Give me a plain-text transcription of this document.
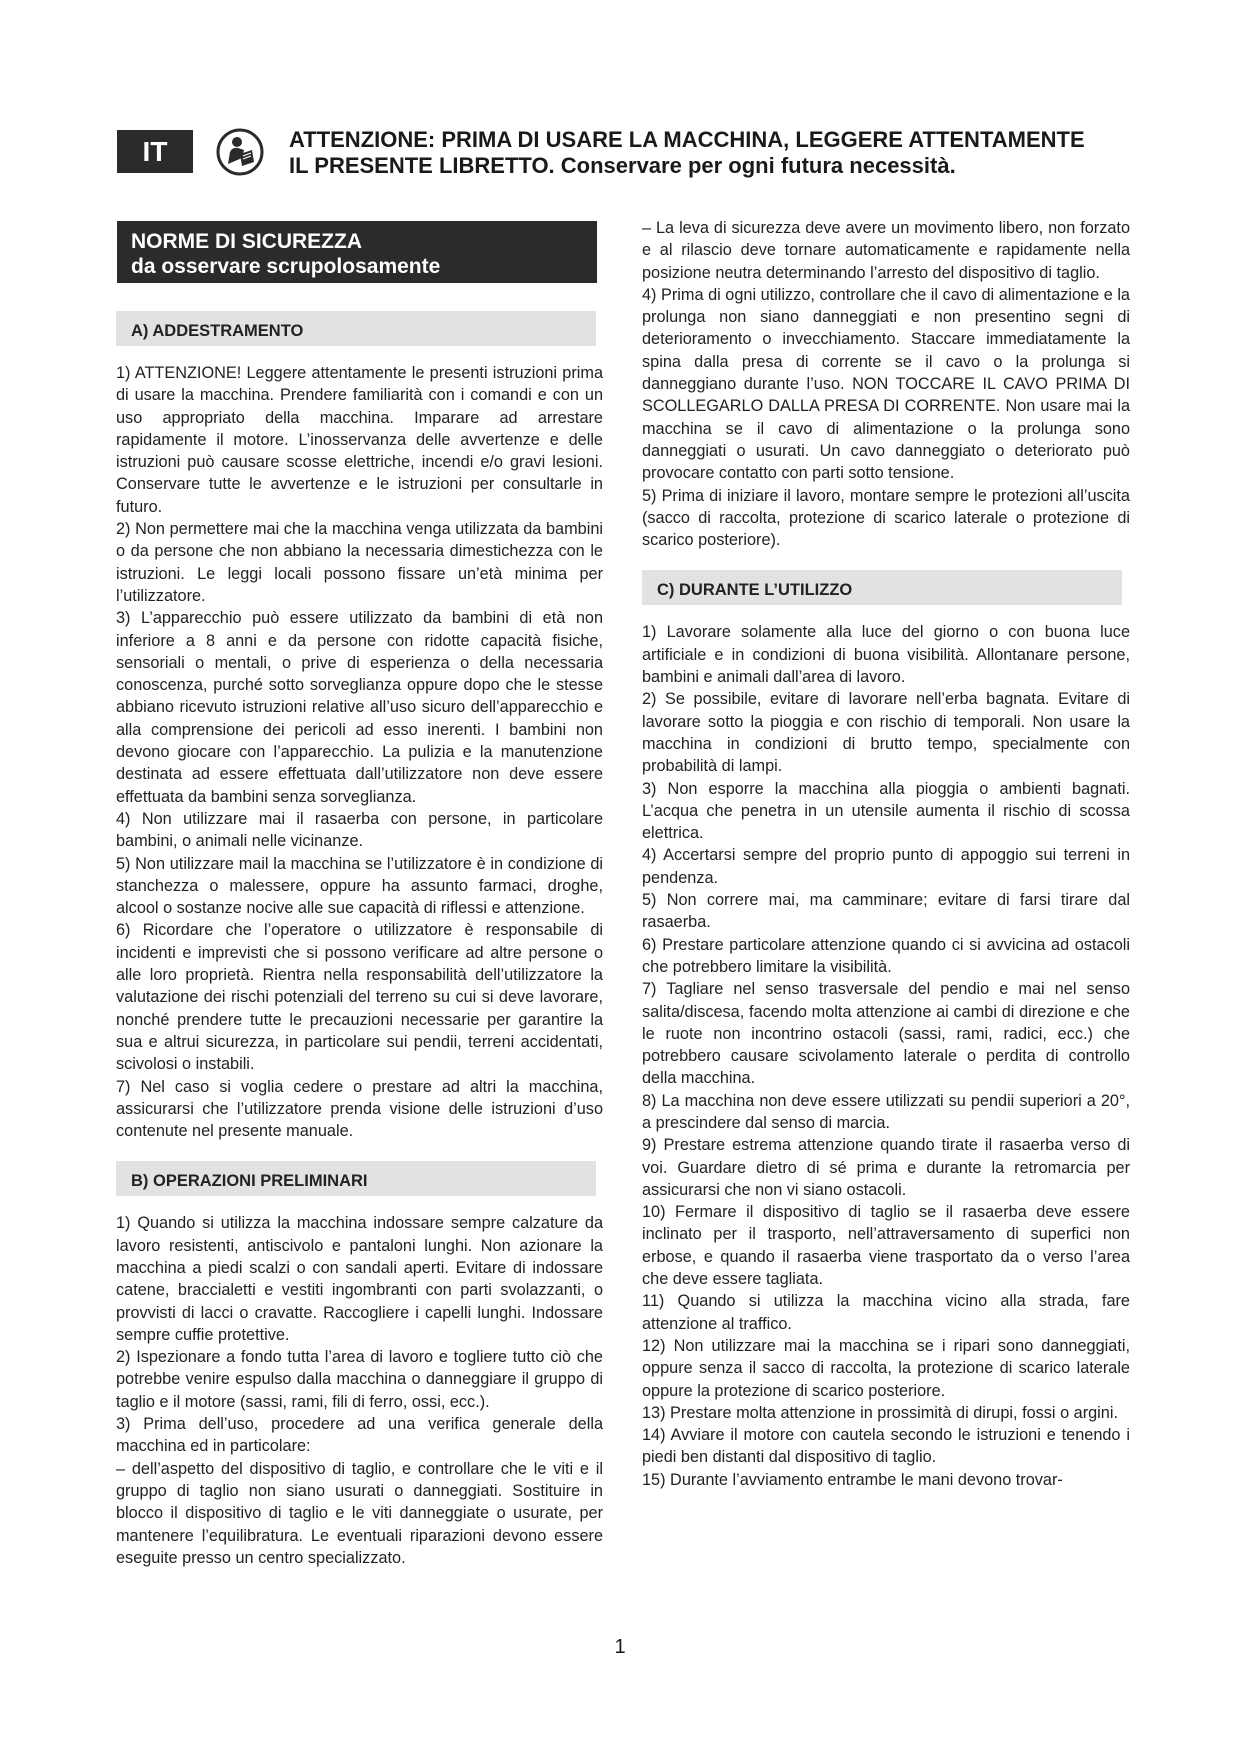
IT	ATTENZIONE: PRIMA DI USARE LA MACCHINA, LEGGERE ATTENTAMENTE
IL PRESENTE LIBRETTO. Conservare per ogni futura necessità.
NORME DI SICUREZZA
da osservare scrupolosamente
A) ADDESTRAMENTO

1) ATTENZIONE! Leggere attentamente le presenti istruzioni prima di usare la macchina. Prendere familiarità con i comandi e con un uso appropriato della macchina. Imparare ad arrestare rapidamente il motore. L’inosservanza delle avvertenze e delle istruzioni può causare scosse elettriche, incendi e/o gravi lesioni. Conservare tutte le avvertenze e le istruzioni per consultarle in futuro.

2) Non permettere mai che la macchina venga utilizzata da bambini o da persone che non abbiano la necessaria dimestichezza con le istruzioni. Le leggi locali possono fissare un’età minima per l’utilizzatore.

3) L’apparecchio può essere utilizzato da bambini di età non inferiore a 8 anni e da persone con ridotte capacità fisiche, sensoriali o mentali, o prive di esperienza o della necessaria conoscenza, purché sotto sorveglianza oppure dopo che le stesse abbiano ricevuto istruzioni relative all’uso sicuro dell’apparecchio e alla comprensione dei pericoli ad esso inerenti. I bambini non devono giocare con l’apparecchio. La pulizia e la manutenzione destinata ad essere effettuata dall’utilizzatore non deve essere effettuata da bambini senza sorveglianza.

4) Non utilizzare mai il rasaerba con persone, in particolare bambini, o animali nelle vicinanze.

5) Non utilizzare mail la macchina se l’utilizzatore è in condizione di stanchezza o malessere, oppure ha assunto farmaci, droghe, alcool o sostanze nocive alle sue capacità di riflessi e attenzione.

6) Ricordare che l’operatore o utilizzatore è responsabile di incidenti e imprevisti che si possono verificare ad altre persone o alle loro proprietà. Rientra nella responsabilità dell’utilizzatore la valutazione dei rischi potenziali del terreno su cui si deve lavorare, nonché prendere tutte le precauzioni necessarie per garantire la sua e altrui sicurezza, in particolare sui pendii, terreni accidentati, scivolosi o instabili.

7) Nel caso si voglia cedere o prestare ad altri la macchina, assicurarsi che l’utilizzatore prenda visione delle istruzioni d’uso contenute nel presente manuale.

B) OPERAZIONI PRELIMINARI

1) Quando si utilizza la macchina indossare sempre calzature da lavoro resistenti, antiscivolo e pantaloni lunghi. Non azionare la macchina a piedi scalzi o con sandali aperti. Evitare di indossare catene, braccialetti e vestiti ingombranti con parti svolazzanti, o provvisti di lacci o cravatte. Raccogliere i capelli lunghi. Indossare sempre cuffie protettive.

2) Ispezionare a fondo tutta l’area di lavoro e togliere tutto ciò che potrebbe venire espulso dalla macchina o danneggiare il gruppo di taglio e il motore (sassi, rami, fili di ferro, ossi, ecc.).

3) Prima dell’uso, procedere ad una verifica generale della macchina ed in particolare:

– dell’aspetto del dispositivo di taglio, e controllare che le viti e il gruppo di taglio non siano usurati o danneggiati. Sostituire in blocco il dispositivo di taglio e le viti danneggiate o usurate, per mantenere l’equilibratura. Le eventuali riparazioni devono essere eseguite presso un centro specializzato.

– La leva di sicurezza deve avere un movimento libero, non forzato e al rilascio deve tornare automaticamente e rapidamente nella posizione neutra determinando l’arresto del dispositivo di taglio.

4) Prima di ogni utilizzo, controllare che il cavo di alimentazione e la prolunga non siano danneggiati e non presentino segni di deterioramento o invecchiamento. Staccare immediatamente la spina dalla presa di corrente se il cavo o la prolunga si danneggiano durante l’uso. NON TOCCARE IL CAVO PRIMA DI SCOLLEGARLO DALLA PRESA DI CORRENTE. Non usare mai la macchina se il cavo di alimentazione o la prolunga sono danneggiati o usurati. Un cavo danneggiato o deteriorato può provocare contatto con parti sotto tensione.

5) Prima di iniziare il lavoro, montare sempre le protezioni all’uscita (sacco di raccolta, protezione di scarico laterale o protezione di scarico posteriore).

C) DURANTE L’UTILIZZO

1) Lavorare solamente alla luce del giorno o con buona luce artificiale e in condizioni di buona visibilità. Allontanare persone, bambini e animali dall’area di lavoro.

2) Se possibile, evitare di lavorare nell’erba bagnata. Evitare di lavorare sotto la pioggia e con rischio di temporali. Non usare la macchina in condizioni di brutto tempo, specialmente con probabilità di lampi.

3) Non esporre la macchina alla pioggia o ambienti bagnati. L’acqua che penetra in un utensile aumenta il rischio di scossa elettrica.

4) Accertarsi sempre del proprio punto di appoggio sui terreni in pendenza.

5) Non correre mai, ma camminare; evitare di farsi tirare dal rasaerba.

6) Prestare particolare attenzione quando ci si avvicina ad ostacoli che potrebbero limitare la visibilità.

7) Tagliare nel senso trasversale del pendio e mai nel senso salita/discesa, facendo molta attenzione ai cambi di direzione e che le ruote non incontrino ostacoli (sassi, rami, radici, ecc.) che potrebbero causare scivolamento laterale o perdita di controllo della macchina.

8) La macchina non deve essere utilizzati su pendii superiori a 20°, a prescindere dal senso di marcia.

9) Prestare estrema attenzione quando tirate il rasaerba verso di voi. Guardare dietro di sé prima e durante la retromarcia per assicurarsi che non vi siano ostacoli.

10) Fermare il dispositivo di taglio se il rasaerba deve essere inclinato per il trasporto, nell’attraversamento di superfici non erbose, e quando il rasaerba viene trasportato da o verso l’area che deve essere tagliata.

11) Quando si utilizza la macchina vicino alla strada, fare attenzione al traffico.

12) Non utilizzare mai la macchina se i ripari sono danneggiati, oppure senza il sacco di raccolta, la protezione di scarico laterale oppure la protezione di scarico posteriore.

13) Prestare molta attenzione in prossimità di dirupi, fossi o argini.

14) Avviare il motore con cautela secondo le istruzioni e tenendo i piedi ben distanti dal dispositivo di taglio.

15) Durante l’avviamento entrambe le mani devono trovar-

1
